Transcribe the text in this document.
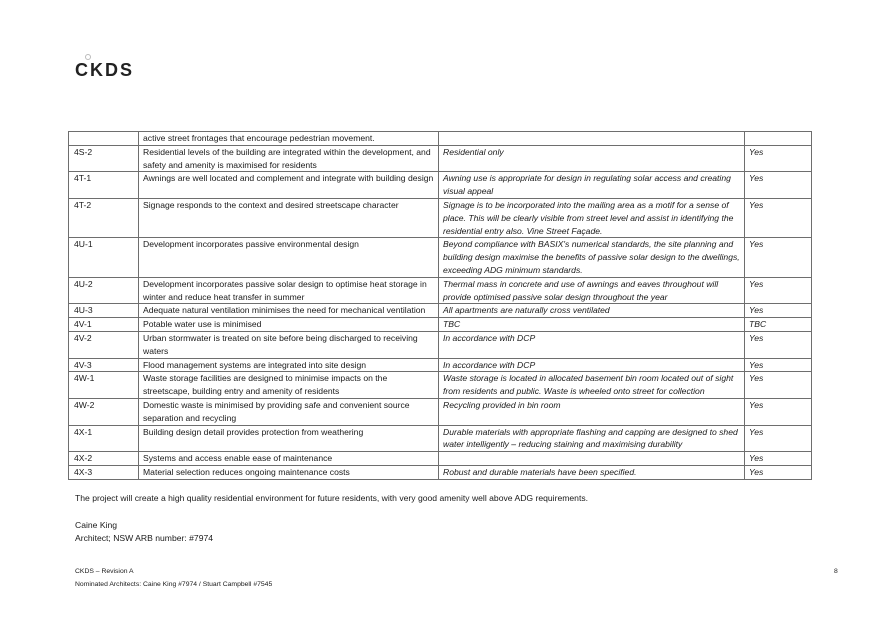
CKDS
	active street frontages that encourage pedestrian movement.		
4S-2	Residential levels of the building are integrated within the development, and safety and amenity is maximised for residents	Residential only	Yes
4T-1	Awnings are well located and complement and integrate with building design	Awning use is appropriate for design in regulating solar access and creating visual appeal	Yes
4T-2	Signage responds to the context and desired streetscape character	Signage is to be incorporated into the mailing area as a motif for a sense of place. This will be clearly visible from street level and assist in identifying the residential entry also. Vine Street Façade.	Yes
4U-1	Development incorporates passive environmental design	Beyond compliance with BASIX's numerical standards, the site planning and building design maximise the benefits of passive solar design to the dwellings, exceeding ADG minimum standards.	Yes
4U-2	Development incorporates passive solar design to optimise heat storage in winter and reduce heat transfer in summer	Thermal mass in concrete and use of awnings and eaves throughout will provide optimised passive solar design throughout the year	Yes
4U-3	Adequate natural ventilation minimises the need for mechanical ventilation	All apartments are naturally cross ventilated	Yes
4V-1	Potable water use is minimised	TBC	TBC
4V-2	Urban stormwater is treated on site before being discharged to receiving waters	In accordance with DCP	Yes
4V-3	Flood management systems are integrated into site design	In accordance with DCP	Yes
4W-1	Waste storage facilities are designed to minimise impacts on the streetscape, building entry and amenity of residents	Waste storage is located in allocated basement bin room located out of sight from residents and public. Waste is wheeled onto street for collection	Yes
4W-2	Domestic waste is minimised by providing safe and convenient source separation and recycling	Recycling provided in bin room	Yes
4X-1	Building design detail provides protection from weathering	Durable materials with appropriate flashing and capping are designed to shed water intelligently – reducing staining and maximising durability	Yes
4X-2	Systems and access enable ease of maintenance		Yes
4X-3	Material selection reduces ongoing maintenance costs	Robust and durable materials have been specified.	Yes
The project will create a high quality residential environment for future residents, with very good amenity well above ADG requirements.
Caine King
Architect; NSW ARB number: #7974
CKDS – Revision A
Nominated Architects: Caine King #7974 / Stuart Campbell #7545
8
